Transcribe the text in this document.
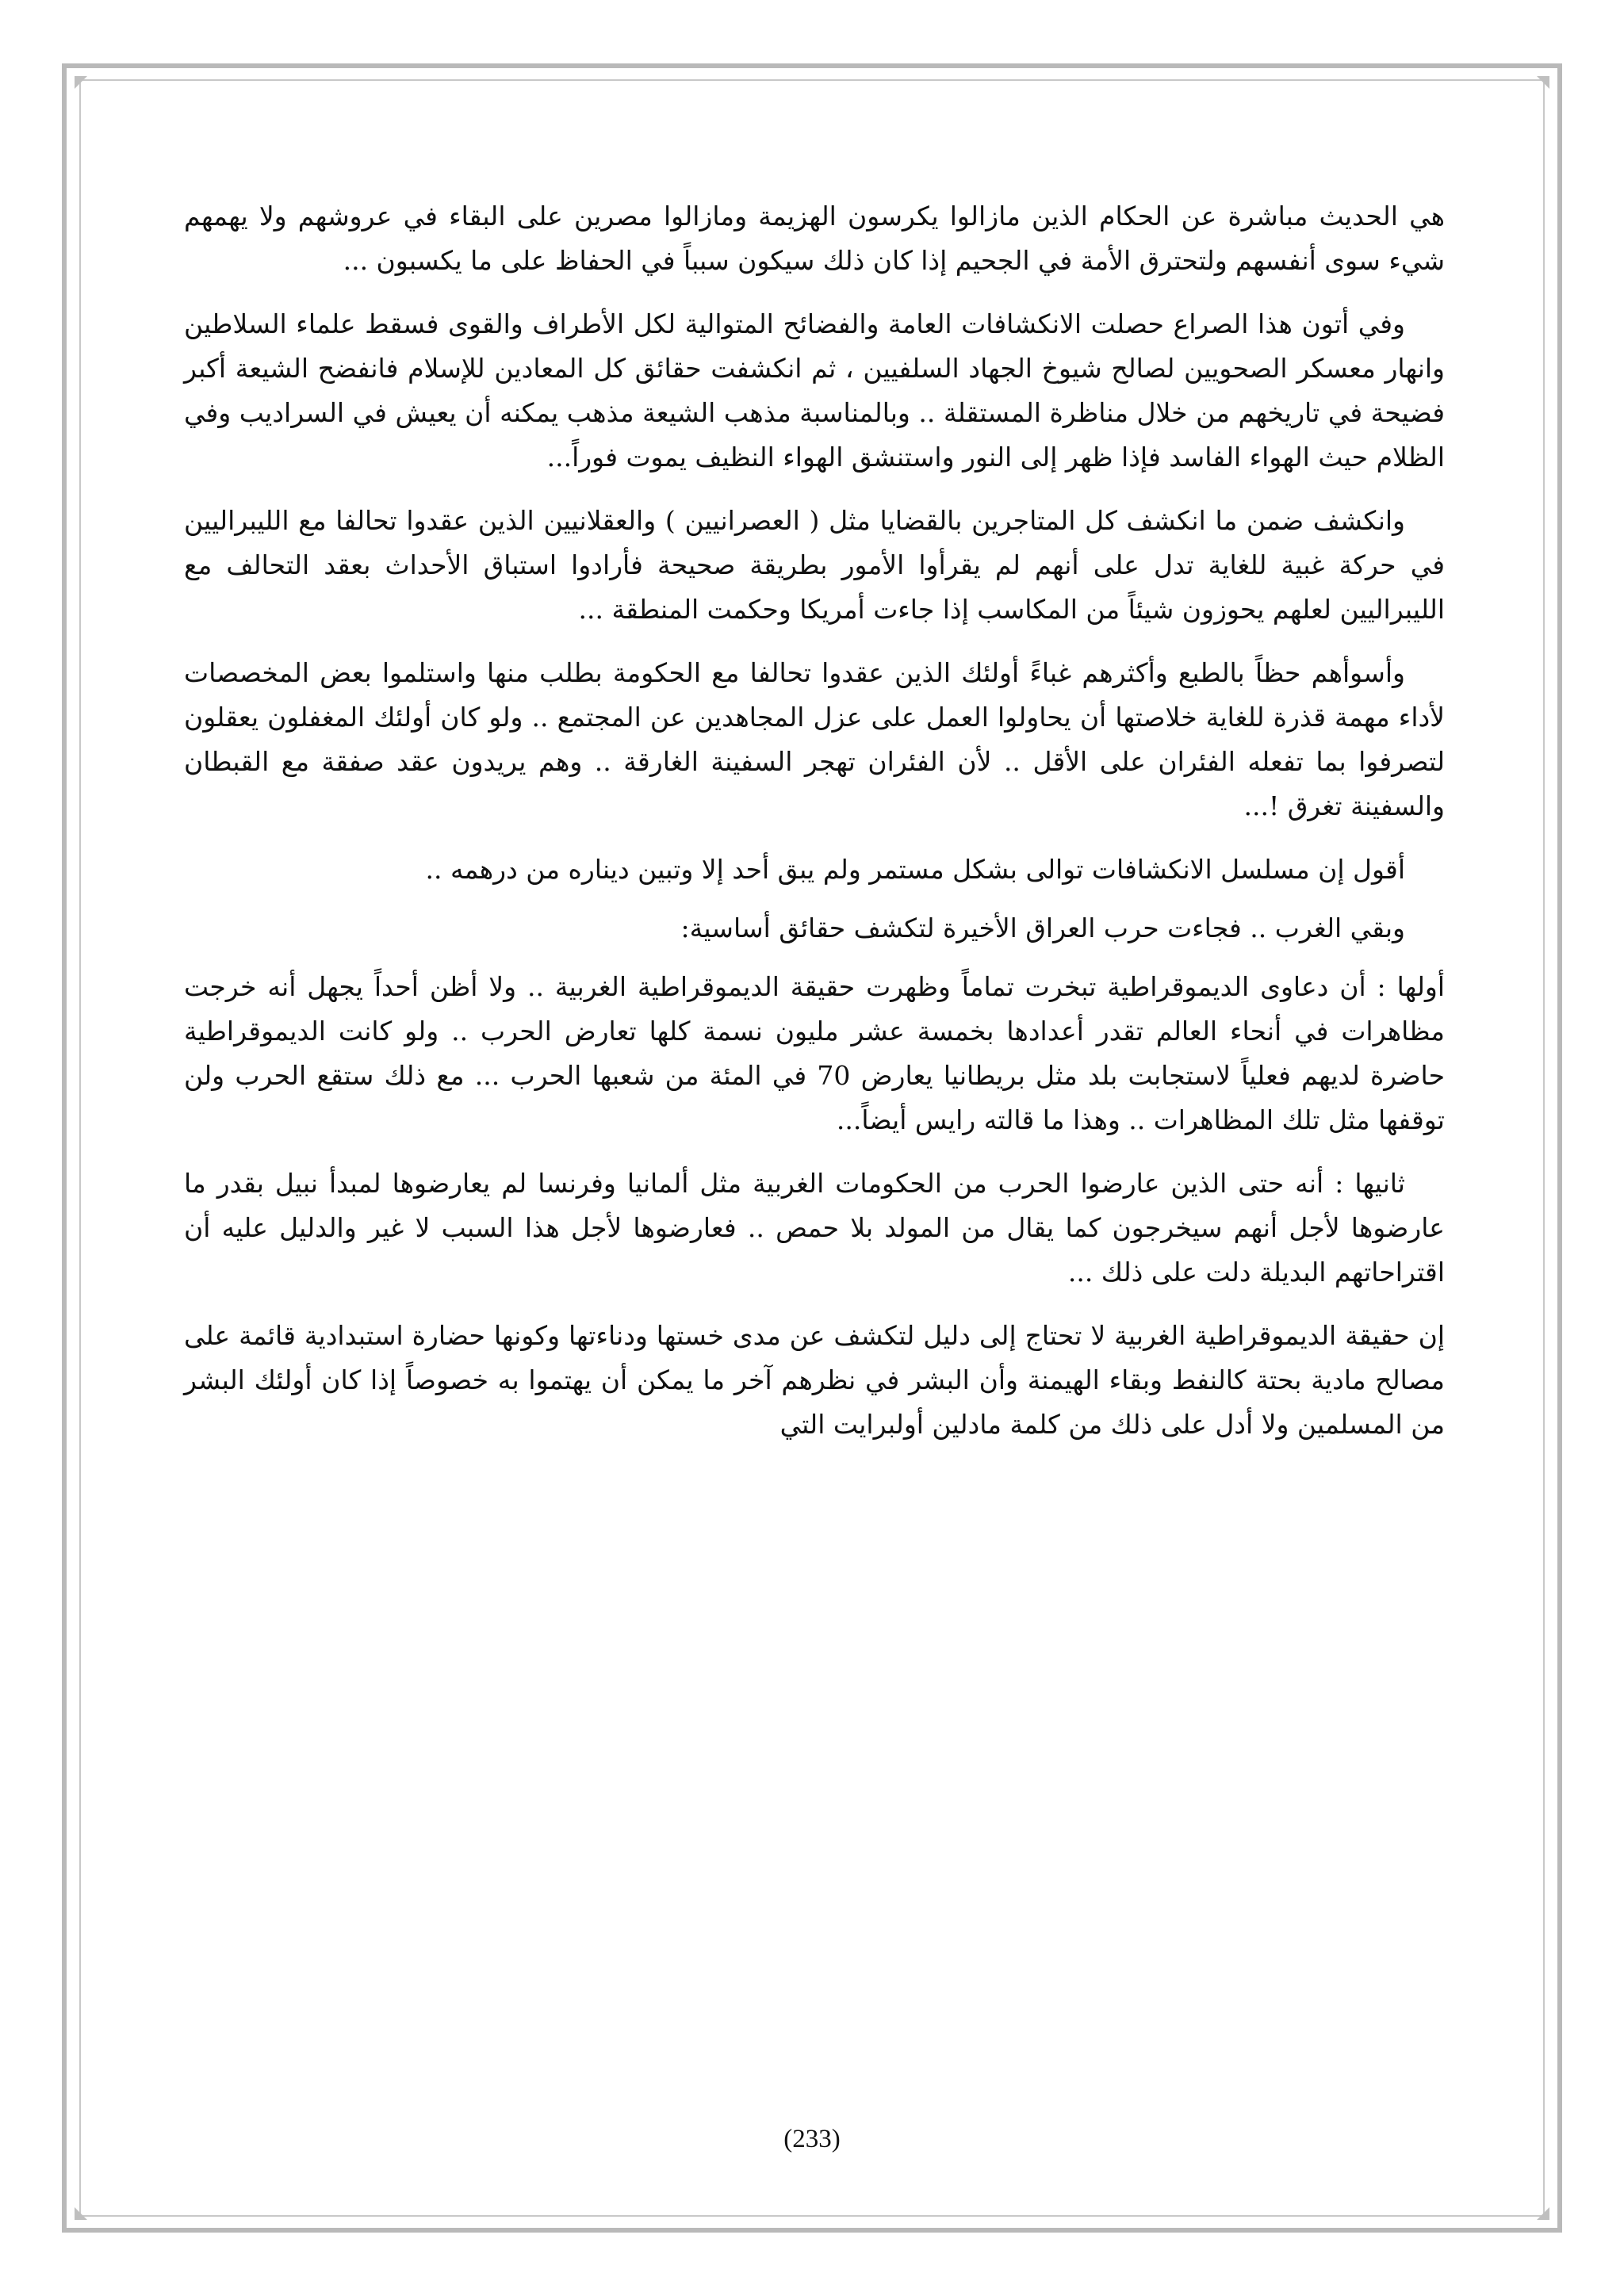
هي الحديث مباشرة عن الحكام الذين مازالوا يكرسون الهزيمة ومازالوا مصرين على البقاء في عروشهم ولا يهمهم شيء سوى أنفسهم ولتحترق الأمة في الجحيم إذا كان ذلك سيكون سبباً في الحفاظ على ما يكسبون ...

وفي أتون هذا الصراع حصلت الانكشافات العامة والفضائح المتوالية لكل الأطراف والقوى فسقط علماء السلاطين وانهار معسكر الصحويين لصالح شيوخ الجهاد السلفيين ، ثم انكشفت حقائق كل المعادين للإسلام فانفضح الشيعة أكبر فضيحة في تاريخهم من خلال مناظرة المستقلة .. وبالمناسبة مذهب الشيعة مذهب يمكنه أن يعيش في السراديب وفي الظلام حيث الهواء الفاسد فإذا ظهر إلى النور واستنشق الهواء النظيف يموت فوراً...

وانكشف ضمن ما انكشف كل المتاجرين بالقضايا مثل ( العصرانيين ) والعقلانيين الذين عقدوا تحالفا مع الليبراليين في حركة غبية للغاية تدل على أنهم لم يقرأوا الأمور بطريقة صحيحة فأرادوا استباق الأحداث بعقد التحالف مع الليبراليين لعلهم يحوزون شيئاً من المكاسب إذا جاءت أمريكا وحكمت المنطقة ...

وأسوأهم حظاً بالطبع وأكثرهم غباءً أولئك الذين عقدوا تحالفا مع الحكومة بطلب منها واستلموا بعض المخصصات لأداء مهمة قذرة للغاية خلاصتها أن يحاولوا العمل على عزل المجاهدين عن المجتمع .. ولو كان أولئك المغفلون يعقلون لتصرفوا بما تفعله الفئران على الأقل .. لأن الفئران تهجر السفينة الغارقة .. وهم يريدون عقد صفقة مع القبطان والسفينة تغرق !...

أقول إن مسلسل الانكشافات توالى بشكل مستمر ولم يبق أحد إلا وتبين ديناره من درهمه ..

وبقي الغرب .. فجاءت حرب العراق الأخيرة لتكشف حقائق أساسية:

أولها : أن دعاوى الديموقراطية تبخرت تماماً وظهرت حقيقة الديموقراطية الغربية .. ولا أظن أحداً يجهل أنه خرجت مظاهرات في أنحاء العالم تقدر أعدادها بخمسة عشر مليون نسمة كلها تعارض الحرب .. ولو كانت الديموقراطية حاضرة لديهم فعلياً لاستجابت بلد مثل بريطانيا يعارض 70 في المئة من شعبها الحرب ... مع ذلك ستقع الحرب ولن توقفها مثل تلك المظاهرات .. وهذا ما قالته رايس أيضاً...

ثانيها : أنه حتى الذين عارضوا الحرب من الحكومات الغربية مثل ألمانيا وفرنسا لم يعارضوها لمبدأ نبيل بقدر ما عارضوها لأجل أنهم سيخرجون كما يقال من المولد بلا حمص .. فعارضوها لأجل هذا السبب لا غير والدليل عليه أن اقتراحاتهم البديلة دلت على ذلك ...

إن حقيقة الديموقراطية الغربية لا تحتاج إلى دليل لتكشف عن مدى خستها ودناءتها وكونها حضارة استبدادية قائمة على مصالح مادية بحتة كالنفط وبقاء الهيمنة وأن البشر في نظرهم آخر ما يمكن أن يهتموا به خصوصاً إذا كان أولئك البشر من المسلمين ولا أدل على ذلك من كلمة مادلين أولبرايت التي

(233)
